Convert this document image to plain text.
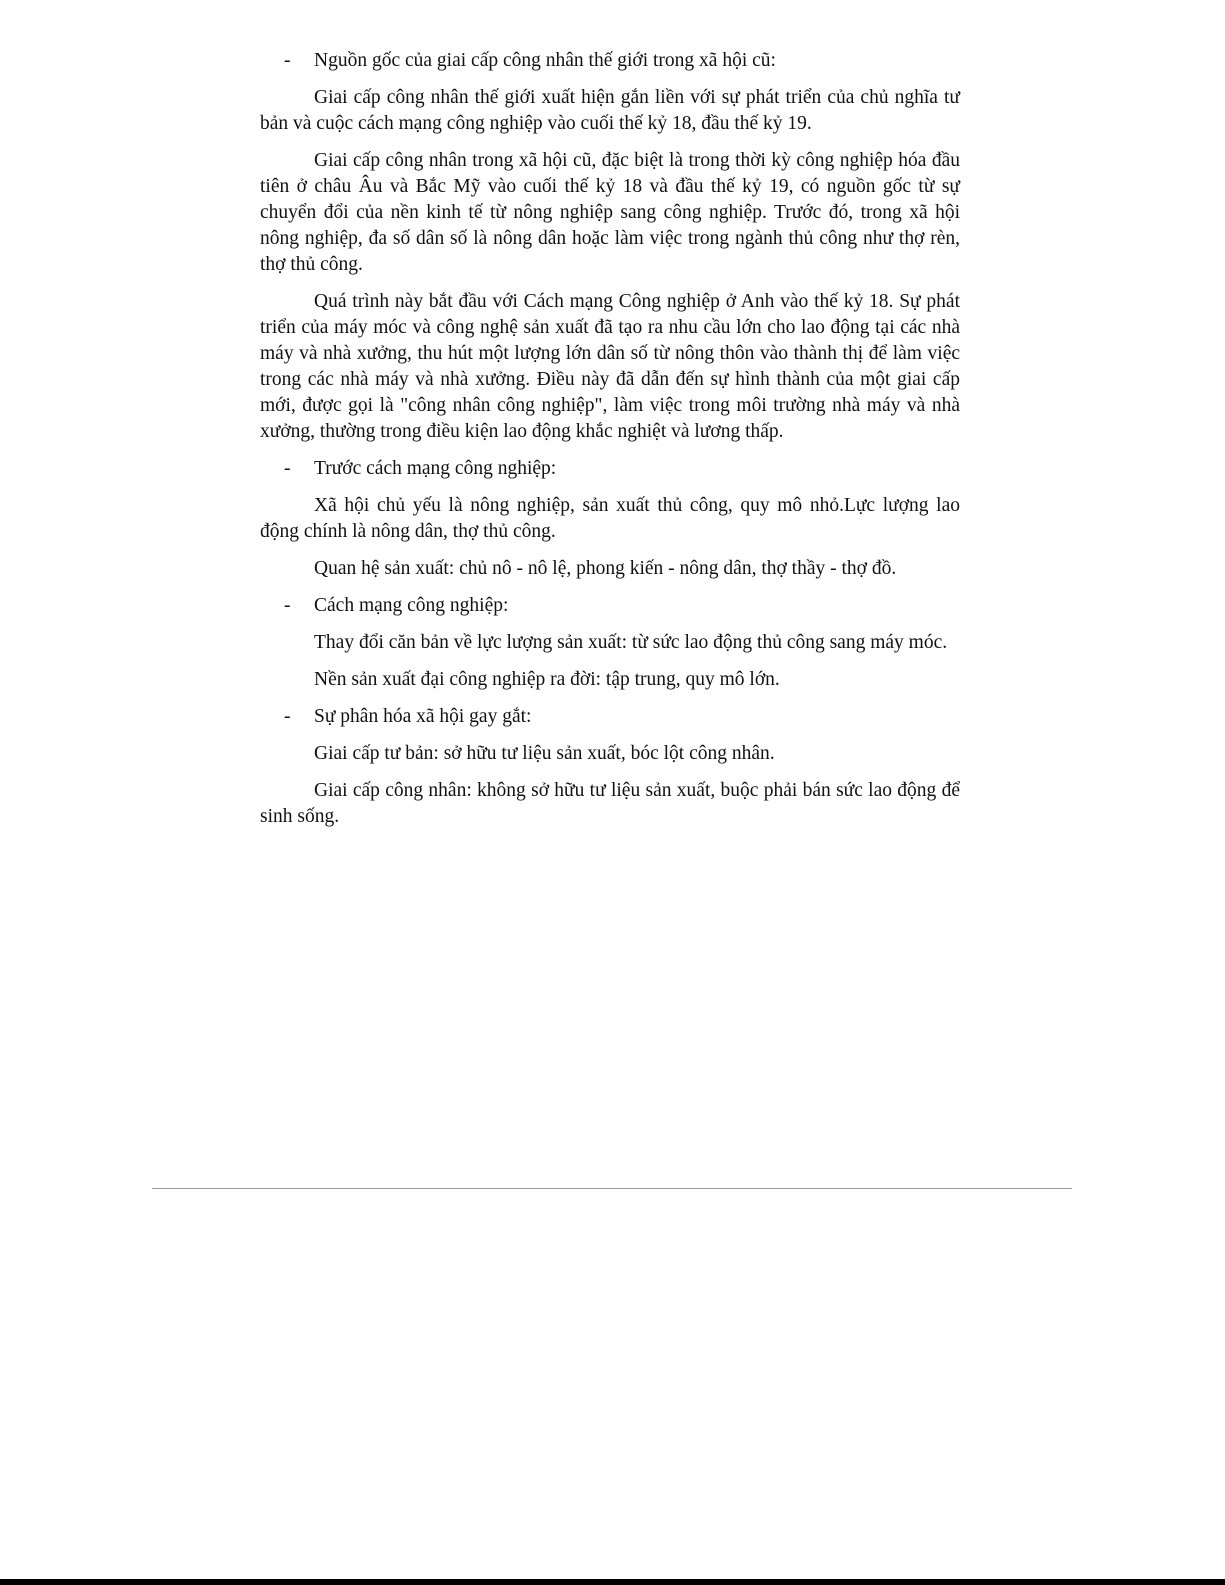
- Nguồn gốc của giai cấp công nhân thế giới trong xã hội cũ:

Giai cấp công nhân thế giới xuất hiện gắn liền với sự phát triển của chủ nghĩa tư bản và cuộc cách mạng công nghiệp vào cuối thế kỷ 18, đầu thế kỷ 19.

Giai cấp công nhân trong xã hội cũ, đặc biệt là trong thời kỳ công nghiệp hóa đầu tiên ở châu Âu và Bắc Mỹ vào cuối thế kỷ 18 và đầu thế kỷ 19, có nguồn gốc từ sự chuyển đổi của nền kinh tế từ nông nghiệp sang công nghiệp. Trước đó, trong xã hội nông nghiệp, đa số dân số là nông dân hoặc làm việc trong ngành thủ công như thợ rèn, thợ thủ công.

Quá trình này bắt đầu với Cách mạng Công nghiệp ở Anh vào thế kỷ 18. Sự phát triển của máy móc và công nghệ sản xuất đã tạo ra nhu cầu lớn cho lao động tại các nhà máy và nhà xưởng, thu hút một lượng lớn dân số từ nông thôn vào thành thị để làm việc trong các nhà máy và nhà xưởng. Điều này đã dẫn đến sự hình thành của một giai cấp mới, được gọi là "công nhân công nghiệp", làm việc trong môi trường nhà máy và nhà xưởng, thường trong điều kiện lao động khắc nghiệt và lương thấp.

- Trước cách mạng công nghiệp:

Xã hội chủ yếu là nông nghiệp, sản xuất thủ công, quy mô nhỏ.Lực lượng lao động chính là nông dân, thợ thủ công.

Quan hệ sản xuất: chủ nô - nô lệ, phong kiến - nông dân, thợ thầy - thợ đồ.

- Cách mạng công nghiệp:

Thay đổi căn bản về lực lượng sản xuất: từ sức lao động thủ công sang máy móc.

Nền sản xuất đại công nghiệp ra đời: tập trung, quy mô lớn.

- Sự phân hóa xã hội gay gắt:

Giai cấp tư bản: sở hữu tư liệu sản xuất, bóc lột công nhân.

Giai cấp công nhân: không sở hữu tư liệu sản xuất, buộc phải bán sức lao động để sinh sống.
